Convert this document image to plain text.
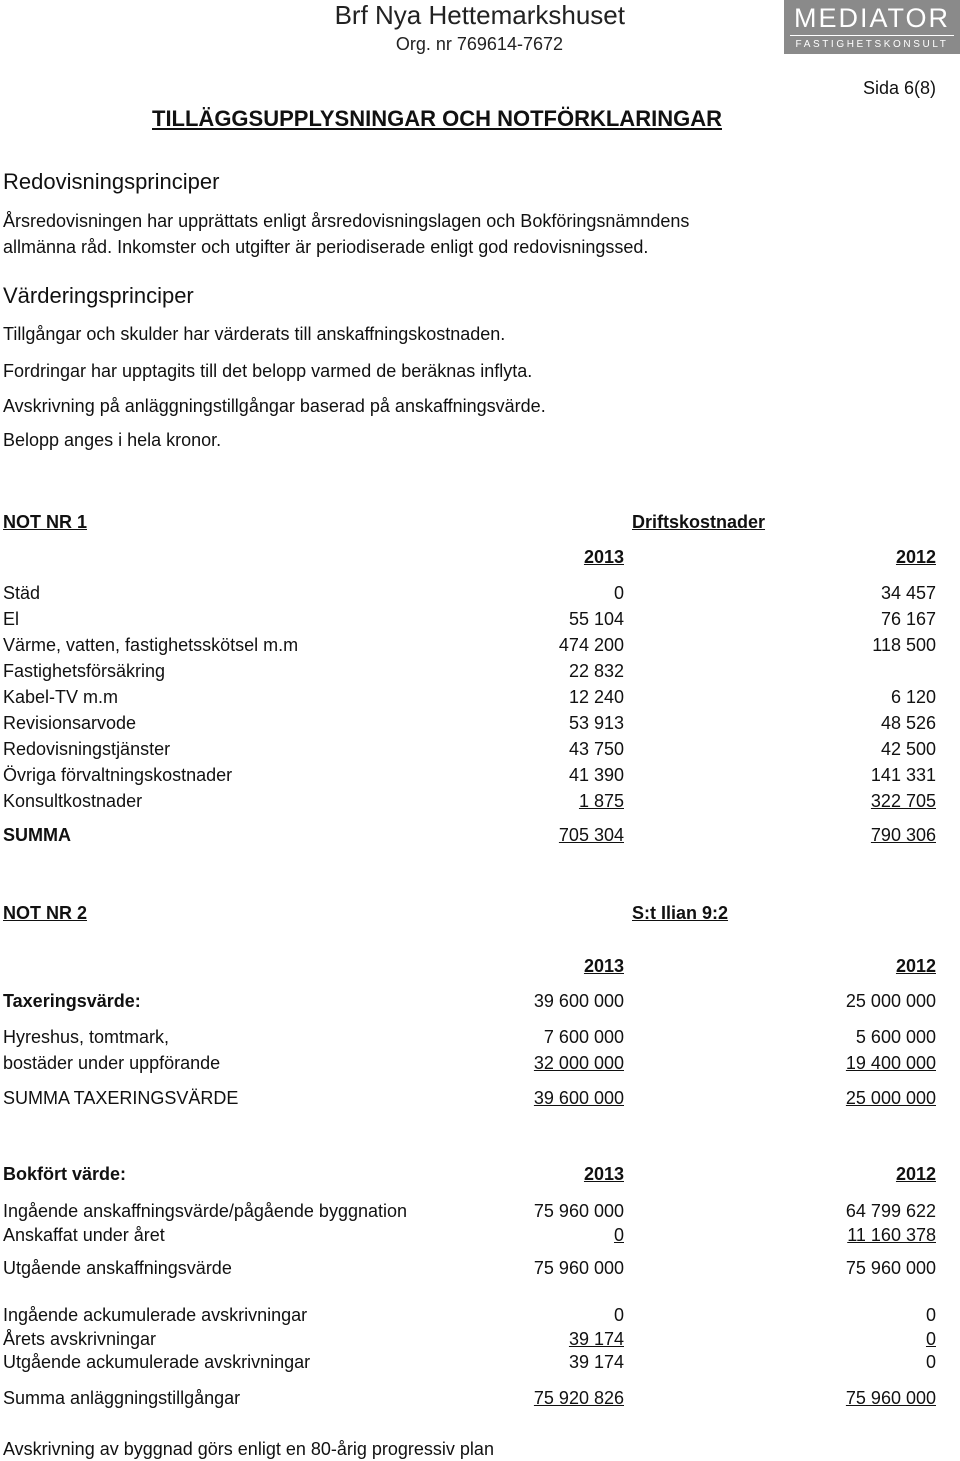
Brf Nya Hettemarkshuset
Org. nr 769614-7672
MEDIATOR
FASTIGHETSKONSULT
Sida 6(8)
TILLÄGGSUPPLYSNINGAR OCH NOTFÖRKLARINGAR
Redovisningsprinciper
Årsredovisningen har upprättats enligt årsredovisningslagen och Bokföringsnämndens
allmänna råd. Inkomster och utgifter är periodiserade enligt god redovisningssed.
Värderingsprinciper
Tillgångar och skulder har värderats till anskaffningskostnaden.
Fordringar har upptagits till det belopp varmed de beräknas inflyta.
Avskrivning på anläggningstillgångar baserad på anskaffningsvärde.
Belopp anges i hela kronor.
NOT NR 1	Driftskostnader
2013	2012
Städ	0	34 457
El	55 104	76 167
Värme, vatten, fastighetsskötsel m.m	474 200	118 500
Fastighetsförsäkring	22 832
Kabel-TV m.m	12 240	6 120
Revisionsarvode	53 913	48 526
Redovisningstjänster	43 750	42 500
Övriga förvaltningskostnader	41 390	141 331
Konsultkostnader	1 875	322 705
SUMMA	705 304	790 306
NOT NR 2	S:t Ilian 9:2
2013	2012
Taxeringsvärde:	39 600 000	25 000 000
Hyreshus, tomtmark,	7 600 000	5 600 000
bostäder under uppförande	32 000 000	19 400 000
SUMMA TAXERINGSVÄRDE	39 600 000	25 000 000
Bokfört värde:	2013	2012
Ingående anskaffningsvärde/pågående byggnation	75 960 000	64 799 622
Anskaffat under året	0	11 160 378
Utgående anskaffningsvärde	75 960 000	75 960 000
Ingående ackumulerade avskrivningar	0	0
Årets avskrivningar	39 174	0
Utgående ackumulerade avskrivningar	39 174	0
Summa anläggningstillgångar	75 920 826	75 960 000
Avskrivning av byggnad görs enligt en 80-årig progressiv plan
